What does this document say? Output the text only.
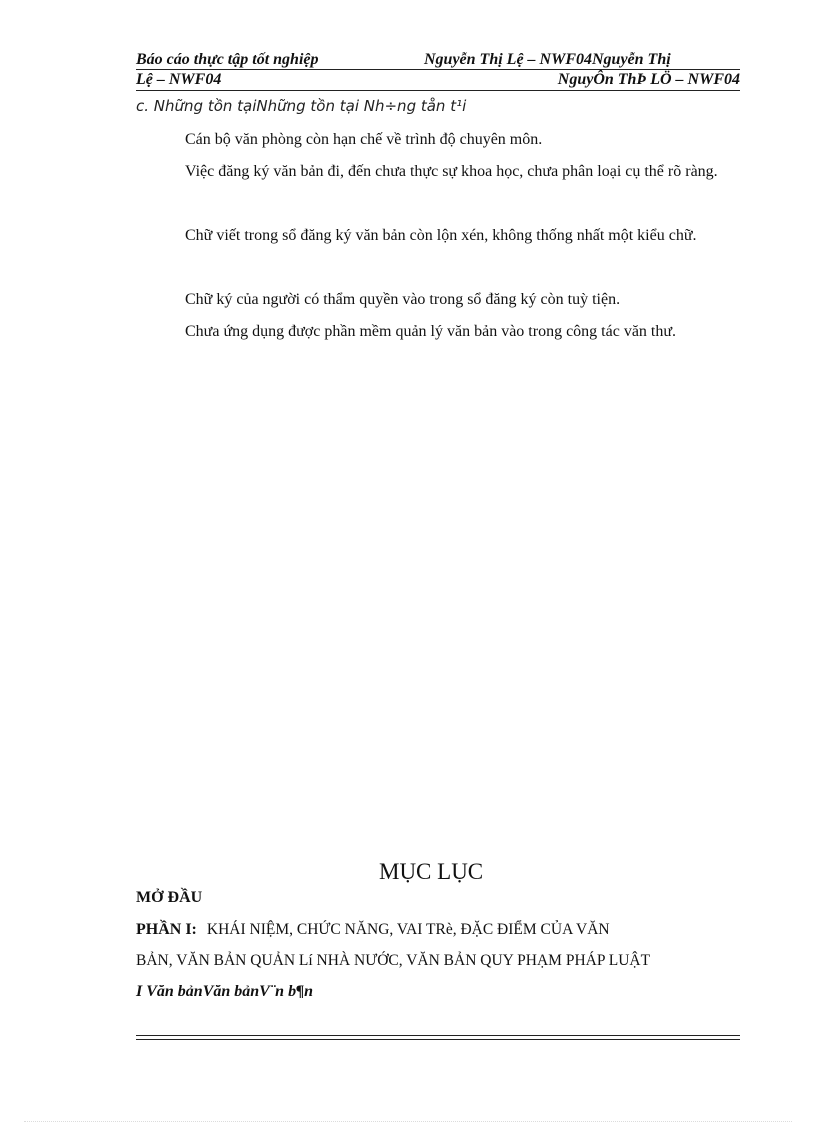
Báo cáo thực tập tốt nghiệp	Nguyễn Thị Lệ – NWF04Nguyễn Thị
Lệ – NWF04	NguyÔn ThÞ LÖ – NWF04
c. Những tồn tạiNhững tồn tại Nh÷ng tån t¹i
Cán bộ văn phòng còn hạn chế về trình độ chuyên môn.
Việc đăng ký văn bản đi, đến chưa thực sự khoa học, chưa phân loại cụ thể rõ ràng.
Chữ viết trong sổ đăng ký văn bản còn lộn xén, không thống nhất một kiểu chữ.
Chữ ký của người có thẩm quyền vào trong sổ đăng ký còn tuỳ tiện.
Chưa ứng dụng được phần mềm quản lý văn bản vào trong công tác văn thư.
MỤC LỤC
MỞ ĐẦU
PHẦN I: KHÁI NIỆM, CHỨC NĂNG, VAI TRè, ĐẶC ĐIỂM CỦA VĂN
BẢN, VĂN BẢN QUẢN Lí NHÀ NƯỚC, VĂN BẢN QUY PHẠM PHÁP LUẬT
I Văn bảnVăn bảnV¨n b¶n
